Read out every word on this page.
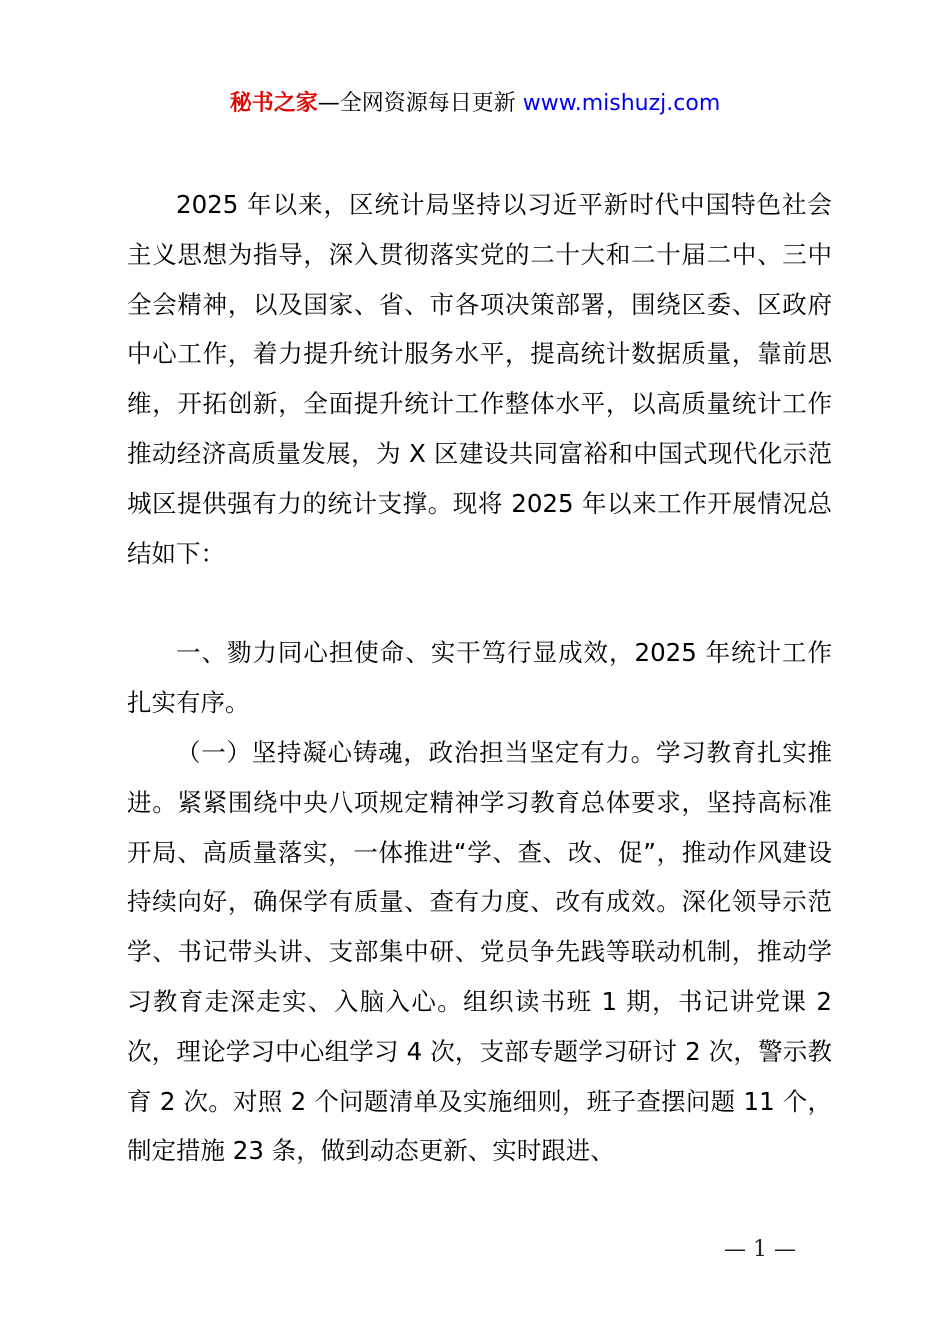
秘书之家—全网资源每日更新 www.mishuzj.com

2025 年以来，区统计局坚持以习近平新时代中国特色社会主义思想为指导，深入贯彻落实党的二十大和二十届二中、三中全会精神，以及国家、省、市各项决策部署，围绕区委、区政府中心工作，着力提升统计服务水平，提高统计数据质量，靠前思维，开拓创新，全面提升统计工作整体水平，以高质量统计工作推动经济高质量发展，为 X 区建设共同富裕和中国式现代化示范城区提供强有力的统计支撑。现将 2025 年以来工作开展情况总结如下：

一、勠力同心担使命、实干笃行显成效，2025 年统计工作扎实有序。

（一）坚持凝心铸魂，政治担当坚定有力。学习教育扎实推进。紧紧围绕中央八项规定精神学习教育总体要求，坚持高标准开局、高质量落实，一体推进“学、查、改、促”，推动作风建设持续向好，确保学有质量、查有力度、改有成效。深化领导示范学、书记带头讲、支部集中研、党员争先践等联动机制，推动学习教育走深走实、入脑入心。组织读书班 1 期，书记讲党课 2 次，理论学习中心组学习 4 次，支部专题学习研讨 2 次，警示教育 2 次。对照 2 个问题清单及实施细则，班子查摆问题 11 个，制定措施 23 条，做到动态更新、实时跟进、

— 1 —
